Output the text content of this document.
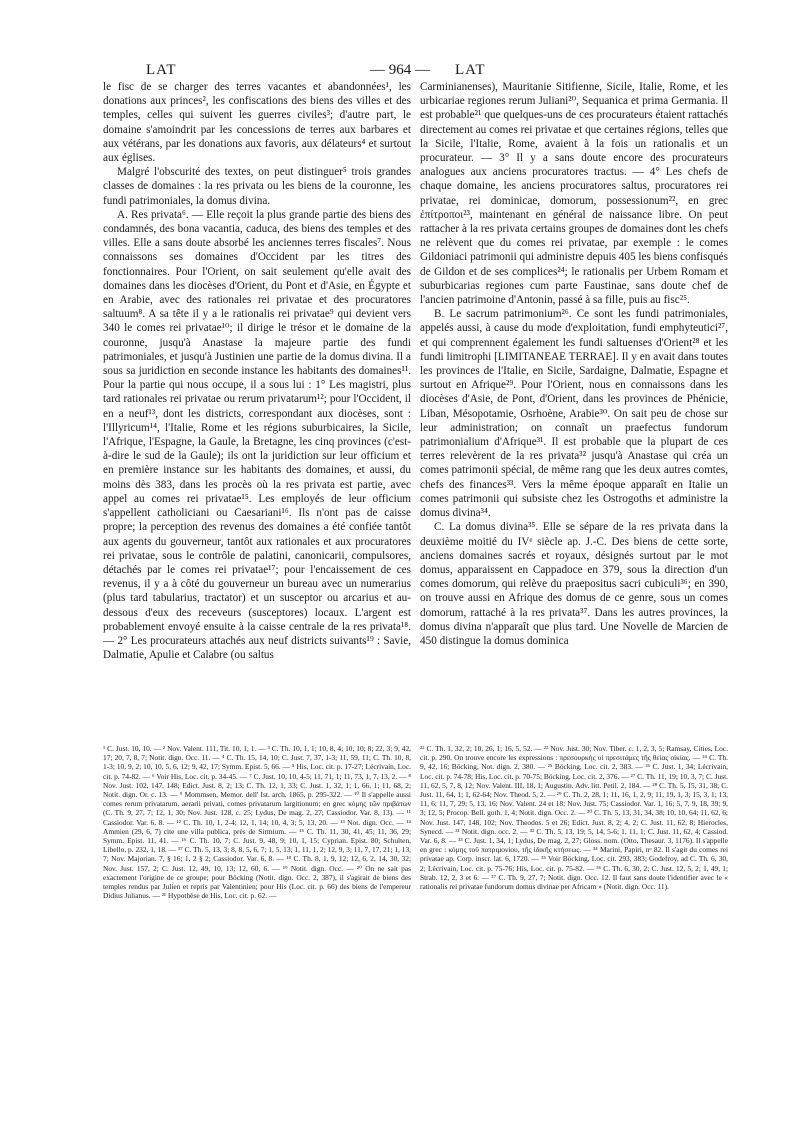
LAT	— 964 —	LAT

le fisc de se charger des terres vacantes et abandonnées¹, les donations aux princes², les confiscations des biens des villes et des temples, celles qui suivent les guerres civiles³; d'autre part, le domaine s'amoindrit par les concessions de terres aux barbares et aux vétérans, par les donations aux favoris, aux délateurs⁴ et surtout aux églises.

Malgré l'obscurité des textes, on peut distinguer⁵ trois grandes classes de domaines : la res privata ou les biens de la couronne, les fundi patrimoniales, la domus divina.

A. Res privata⁶. — Elle reçoit la plus grande partie des biens des condamnés, des bona vacantia, caduca, des biens des temples et des villes. Elle a sans doute absorbé les anciennes terres fiscales⁷. Nous connaissons ses domaines d'Occident par les titres des fonctionnaires. Pour l'Orient, on sait seulement qu'elle avait des domaines dans les diocèses d'Orient, du Pont et d'Asie, en Égypte et en Arabie, avec des rationales rei privatae et des procuratores saltuum⁸. A sa tête il y a le rationalis rei privatae⁹ qui devient vers 340 le comes rei privatae¹⁰; il dirige le trésor et le domaine de la couronne, jusqu'à Anastase la majeure partie des fundi patrimoniales, et jusqu'à Justinien une partie de la domus divina. Il a sous sa juridiction en seconde instance les habitants des domaines¹¹. Pour la partie qui nous occupe, il a sous lui : 1° Les magistri, plus tard rationales rei privatae ou rerum privatarum¹²; pour l'Occident, il en a neuf¹³, dont les districts, correspondant aux diocèses, sont : l'Illyricum¹⁴, l'Italie, Rome et les régions suburbicaires, la Sicile, l'Afrique, l'Espagne, la Gaule, la Bretagne, les cinq provinces (c'est-à-dire le sud de la Gaule); ils ont la juridiction sur leur officium et en première instance sur les habitants des domaines, et aussi, du moins dès 383, dans les procès où la res privata est partie, avec appel au comes rei privatae¹⁵. Les employés de leur officium s'appellent catholiciani ou Caesariani¹⁶. Ils n'ont pas de caisse propre; la perception des revenus des domaines a été confiée tantôt aux agents du gouverneur, tantôt aux rationales et aux procuratores rei privatae, sous le contrôle de palatini, canonicarii, compulsores, détachés par le comes rei privatae¹⁷; pour l'encaissement de ces revenus, il y a à côté du gouverneur un bureau avec un numerarius (plus tard tabularius, tractator) et un susceptor ou arcarius et au-dessous d'eux des receveurs (susceptores) locaux. L'argent est probablement envoyé ensuite à la caisse centrale de la res privata¹⁸. — 2° Les procurateurs attachés aux neuf districts suivants¹⁹ : Savie, Dalmatie, Apulie et Calabre (ou saltus

Carminianenses), Mauritanie Sitifienne, Sicile, Italie, Rome, et les urbicariae regiones rerum Juliani²⁰, Sequanica et prima Germania. Il est probable²¹ que quelques-uns de ces procurateurs étaient rattachés directement au comes rei privatae et que certaines régions, telles que la Sicile, l'Italie, Rome, avaient à la fois un rationalis et un procurateur. — 3° Il y a sans doute encore des procurateurs analogues aux anciens procuratores tractus. — 4° Les chefs de chaque domaine, les anciens procuratores saltus, procuratores rei privatae, rei dominicae, domorum, possessionum²², en grec ἐπίτροποι²³, maintenant en général de naissance libre. On peut rattacher à la res privata certains groupes de domaines dont les chefs ne relèvent que du comes rei privatae, par exemple : le comes Gildoniaci patrimonii qui administre depuis 405 les biens confisqués de Gildon et de ses complices²⁴; le rationalis per Urbem Romam et suburbicarias regiones cum parte Faustinae, sans doute chef de l'ancien patrimoine d'Antonin, passé à sa fille, puis au fisc²⁵.

B. Le sacrum patrimonium²⁶. Ce sont les fundi patrimoniales, appelés aussi, à cause du mode d'exploitation, fundi emphyteutici²⁷, et qui comprennent également les fundi saltuenses d'Orient²⁸ et les fundi limitrophi [LIMITANEAE TERRAE]. Il y en avait dans toutes les provinces de l'Italie, en Sicile, Sardaigne, Dalmatie, Espagne et surtout en Afrique²⁹. Pour l'Orient, nous en connaissons dans les diocèses d'Asie, de Pont, d'Orient, dans les provinces de Phénicie, Liban, Mésopotamie, Osrhoène, Arabie³⁰. On sait peu de chose sur leur administration; on connaît un praefectus fundorum patrimonialium d'Afrique³¹. Il est probable que la plupart de ces terres relevèrent de la res privata³² jusqu'à Anastase qui créa un comes patrimonii spécial, de même rang que les deux autres comtes, chefs des finances³³. Vers la même époque apparaît en Italie un comes patrimonii qui subsiste chez les Ostrogoths et administre la domus divina³⁴.

C. La domus divina³⁵. Elle se sépare de la res privata dans la deuxième moitié du IVᵉ siècle ap. J.-C. Des biens de cette sorte, anciens domaines sacrés et royaux, désignés surtout par le mot domus, apparaissent en Cappadoce en 379, sous la direction d'un comes domorum, qui relève du praepositus sacri cubiculi³⁶; en 390, on trouve aussi en Afrique des domus de ce genre, sous un comes domorum, rattaché à la res privata³⁷. Dans les autres provinces, la domus divina n'apparaît que plus tard. Une Novelle de Marcien de 450 distingue la domus dominica

¹ C. Just. 10, 10. — ² Nov. Valent. 111, Tit. 10, 1, 1. — ³ C. Th. 10, 1, 1; 10, 8, 4; 10, 10; 8; 22, 3; 9, 42, 17; 20, 7, 8, 7; Notit. dign. Occ. 11. — ⁴ C. Th. 15, 14, 10; C. Just. 7, 37, 1-3; 11, 59, 11; C. Th. 10, 8, 1-3; 10, 9, 2; 10, 10, 5, 6, 12; 9, 42, 17; Symm. Epist. 5, 66. — ⁵ His, Loc. cit. p. 17-27; Lécrivain, Loc. cit. p. 74-82. — ⁶ Voir His, Loc. cit. p. 34-45. — ⁷ C. Just. 10, 10, 4-5; 11, 71, 1; 11, 73, 1, 7, 13, 2. — ⁸ Nov. Just. 102, 147, 148; Edict. Just. 8, 2; 13; C. Th. 12, 1, 33; C. Just. 1, 32, 1; 1, 66, 1; 11, 68, 2; Notit. dign. Or. c. 13. — ⁹ Mommsen, Memor. dell' Ist. arch. 1865, p. 295-322. — ¹⁰ Il s'appelle aussi comes rerum privatarum, aerarii privati, comes privatarum largitionum; en grec κόμης τῶν πριβάτων (C. Th. 9, 27, 7; 12, 1, 30; Nov. Just. 128, c. 25; Lydus, De mag. 2, 27; Cassiodor. Var. 8, 13). — ¹¹ Cassiodor. Var. 6, 8. — ¹² C. Th. 10, 1, 2-4; 12, 1, 14; 10, 4, 3; 5, 13, 20. — ¹³ Not. dign. Occ. — ¹⁴ Ammien (29, 6, 7) cite une villa publica, près de Sirmium. — ¹⁵ C. Th. 11, 30, 41, 45; 11, 36, 29; Symm. Epist. 11, 41. — ¹⁶ C. Th. 10, 7; C. Just. 9, 48, 9; 10, 1, 15; Cyprian. Epist. 80; Schulten, Libello, p. 232, 1, 18. — ¹⁷ C. Th. 5, 13, 3; 8, 8, 5, 6, 7; 1, 5, 13; 1, 11, 1, 2; 12, 9, 3; 11, 7, 17, 21; 1, 13, 7; Nov. Majorian. 7, § 16; 1, 2 § 2; Cassiodor. Var. 6, 8. — ¹⁸ C. Th. 8, 1, 9, 12; 12, 6, 2, 14, 30, 32; Nov. Just. 157, 2; C. Just. 12, 49, 10, 13; 12, 60, 6. — ¹⁹ Notit. dign. Occ. — ²⁰ On ne sait pas exactement l'origine de ce groupe; pour Böcking (Notit. dign. Occ. 2, 387), il s'agirait de biens des temples rendus par Julien et repris par Valentinien; pour His (Loc. cit. p. 66) des biens de l'empereur Didius Julianus. — ²¹ Hypothèse de His, Loc. cit. p. 62. —

²² C. Th. 1, 32, 2; 10, 26, 1; 16, 5, 52. — ²³ Nov. Just. 30; Nov. Tiber. c. 1, 2, 3, 5; Ramsay, Cities, Loc. cit. p. 290. On trouve encore les expressions : πρεσουρκὴς οἱ πρεσιτάμες τῆς θείας οἰκίας. — ²⁴ C. Th. 9, 42, 16; Böcking, Not. dign. 2, 380. — ²⁵ Böcking, Loc. cit. 2, 383. — ²⁶ C. Just. 1, 34; Lécrivain, Loc. cit. p. 74-78; His, Loc. cit. p. 70-75; Böcking, Loc. cit. 2, 376. — ²⁷ C. Th. 11, 19; 10, 3, 7; C. Just. 11, 62, 5, 7, 8, 12; Nov. Valent. III, 18, 1; Augustin. Adv. litt. Petil. 2, 184. — ²⁸ C. Th. 5, 15, 31, 38; C. Just. 11, 64, 1; 1, 62-64; Nov. Theod. 5, 2. — ²⁹ C. Th. 2, 28, 1; 11, 16, 1, 2, 9; 11, 19, 1, 3; 15, 3, 1; 13, 11, 6; 11, 7, 29; 5, 13, 16; Nov. Valent. 24 et 18; Nov. Just. 75; Cassiodor. Var. 1, 16; 5, 7, 9, 18, 39; 9, 3; 12, 5; Procop. Bell. goth. 1, 4; Notit. dign. Occ. 2. — ³⁰ C. Th. 5, 13, 31, 34, 38; 10, 10, 64; 11, 62, 6; Nov. Just. 147, 148, 102; Nov. Theodos. 5 et 26; Edict. Just. 8, 2; 4, 2; C. Just. 11, 62, 8; Hierocles, Synecd. — ³¹ Notit. dign. occ. 2. — ³² C. Th. 5, 13, 19; 5, 14, 5-6; 1, 11, 1; C. Just. 11, 62, 4; Cassiod. Var. 6, 8. — ³³ C. Just. 1, 34, 1; Lydus, De mag. 2, 27; Gloss. nom. (Otto, Thesaur. 3, 1176). Il s'appelle en grec : κόμης τοῦ πατριμονίου, τῆς ἰδικῆς κτήσεως. — ³⁴ Marini, Papiri, nᵒ 82. Il s'agit du comes rei privatae ap. Corp. inscr. lat. 6, 1720. — ³⁵ Voir Böcking, Loc. cit. 293, 383; Godefroy, ad C. Th. 6, 30, 2; Lécrivain, Loc. cit. p. 75-76; His, Loc. cit. p. 75-82. — ³⁶ C. Th. 6, 30, 2; C. Just. 12, 5, 2; 1, 49, 1; Strab. 12, 2, 3 et 6. — ³⁷ C. Th. 9, 27, 7; Notit. dign. Occ. 12. Il faut sans doute l'identifier avec le « rationalis rei privatae fundorum domus divinae per Africam » (Notit. dign. Occ. 11).
